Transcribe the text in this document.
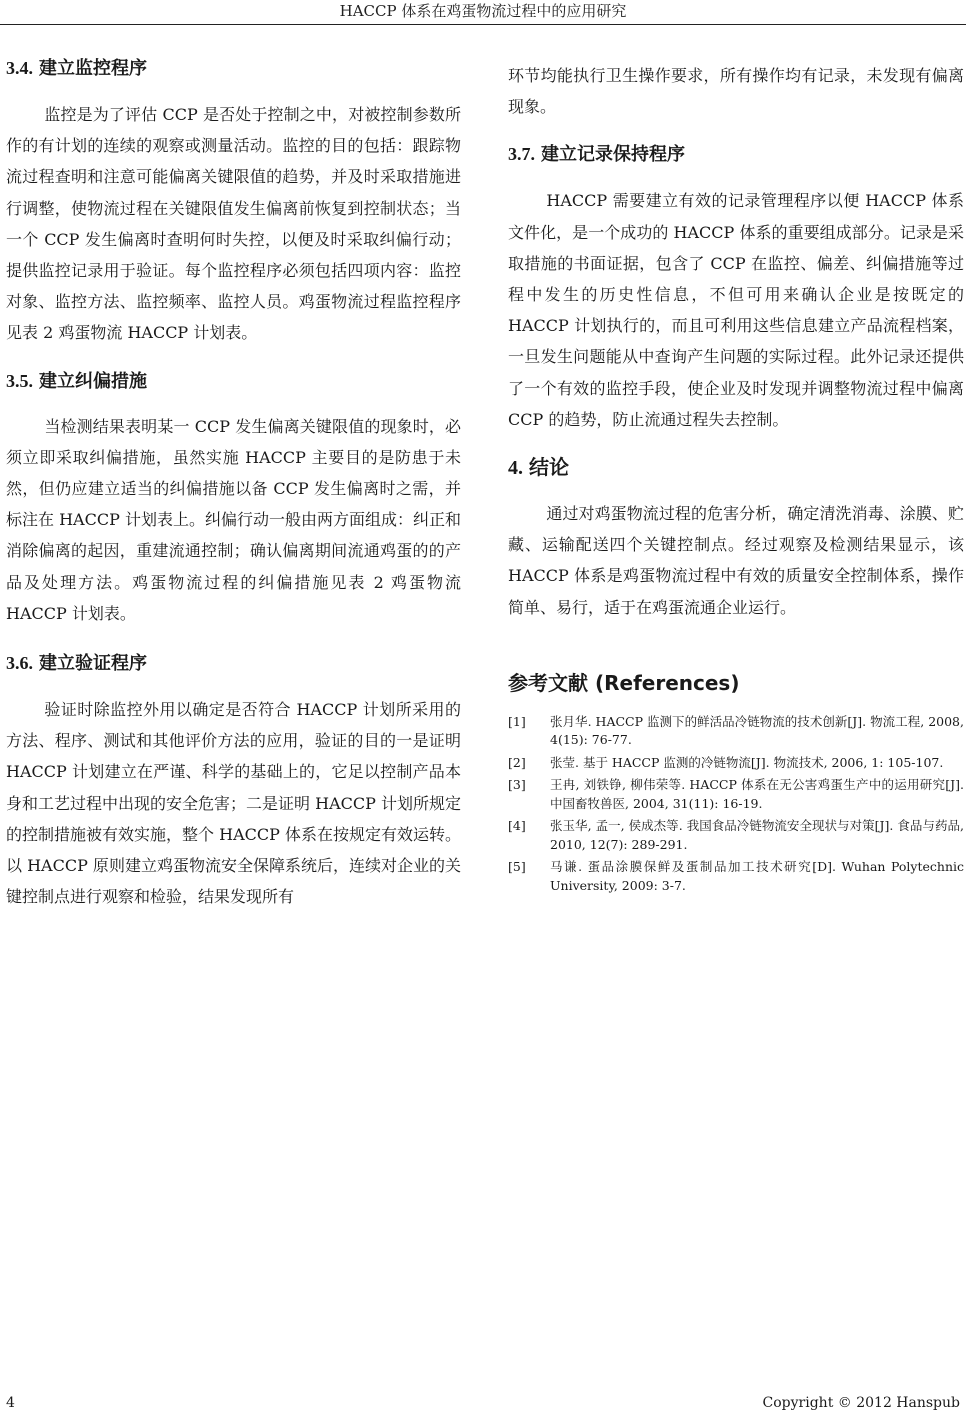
HACCP 体系在鸡蛋物流过程中的应用研究
3.4. 建立监控程序

监控是为了评估 CCP 是否处于控制之中，对被控制参数所作的有计划的连续的观察或测量活动。监控的目的包括：跟踪物流过程查明和注意可能偏离关键限值的趋势，并及时采取措施进行调整，使物流过程在关键限值发生偏离前恢复到控制状态；当一个 CCP 发生偏离时查明何时失控，以便及时采取纠偏行动；提供监控记录用于验证。每个监控程序必须包括四项内容：监控对象、监控方法、监控频率、监控人员。鸡蛋物流过程监控程序见表 2 鸡蛋物流 HACCP 计划表。

3.5. 建立纠偏措施

当检测结果表明某一 CCP 发生偏离关键限值的现象时，必须立即采取纠偏措施，虽然实施 HACCP 主要目的是防患于未然，但仍应建立适当的纠偏措施以备 CCP 发生偏离时之需，并标注在 HACCP 计划表上。纠偏行动一般由两方面组成：纠正和消除偏离的起因，重建流通控制；确认偏离期间流通鸡蛋的的产品及处理方法。鸡蛋物流过程的纠偏措施见表 2 鸡蛋物流 HACCP 计划表。

3.6. 建立验证程序

验证时除监控外用以确定是否符合 HACCP 计划所采用的方法、程序、测试和其他评价方法的应用，验证的目的一是证明 HACCP 计划建立在严谨、科学的基础上的，它足以控制产品本身和工艺过程中出现的安全危害；二是证明 HACCP 计划所规定的控制措施被有效实施，整个 HACCP 体系在按规定有效运转。以 HACCP 原则建立鸡蛋物流安全保障系统后，连续对企业的关键控制点进行观察和检验，结果发现所有

环节均能执行卫生操作要求，所有操作均有记录，未发现有偏离现象。

3.7. 建立记录保持程序

HACCP 需要建立有效的记录管理程序以便 HACCP 体系文件化，是一个成功的 HACCP 体系的重要组成部分。记录是采取措施的书面证据，包含了 CCP 在监控、偏差、纠偏措施等过程中发生的历史性信息，不但可用来确认企业是按既定的 HACCP 计划执行的，而且可利用这些信息建立产品流程档案，一旦发生问题能从中查询产生问题的实际过程。此外记录还提供了一个有效的监控手段，使企业及时发现并调整物流过程中偏离 CCP 的趋势，防止流通过程失去控制。

4. 结论

通过对鸡蛋物流过程的危害分析，确定清洗消毒、涂膜、贮藏、运输配送四个关键控制点。经过观察及检测结果显示，该 HACCP 体系是鸡蛋物流过程中有效的质量安全控制体系，操作简单、易行，适于在鸡蛋流通企业运行。

参考文献 (References)
[1]	张月华. HACCP 监测下的鲜活品冷链物流的技术创新[J]. 物流工程, 2008, 4(15): 76-77.
[2]	张莹. 基于 HACCP 监测的冷链物流[J]. 物流技术, 2006, 1: 105-107.
[3]	王冉, 刘铁铮, 柳伟荣等. HACCP 体系在无公害鸡蛋生产中的运用研究[J]. 中国畜牧兽医, 2004, 31(11): 16-19.
[4]	张玉华, 孟一, 侯成杰等. 我国食品冷链物流安全现状与对策[J]. 食品与药品, 2010, 12(7): 289-291.
[5]	马谦. 蛋品涂膜保鲜及蛋制品加工技术研究[D]. Wuhan Polytechnic University, 2009: 3-7.
4	Copyright © 2012 Hanspub
